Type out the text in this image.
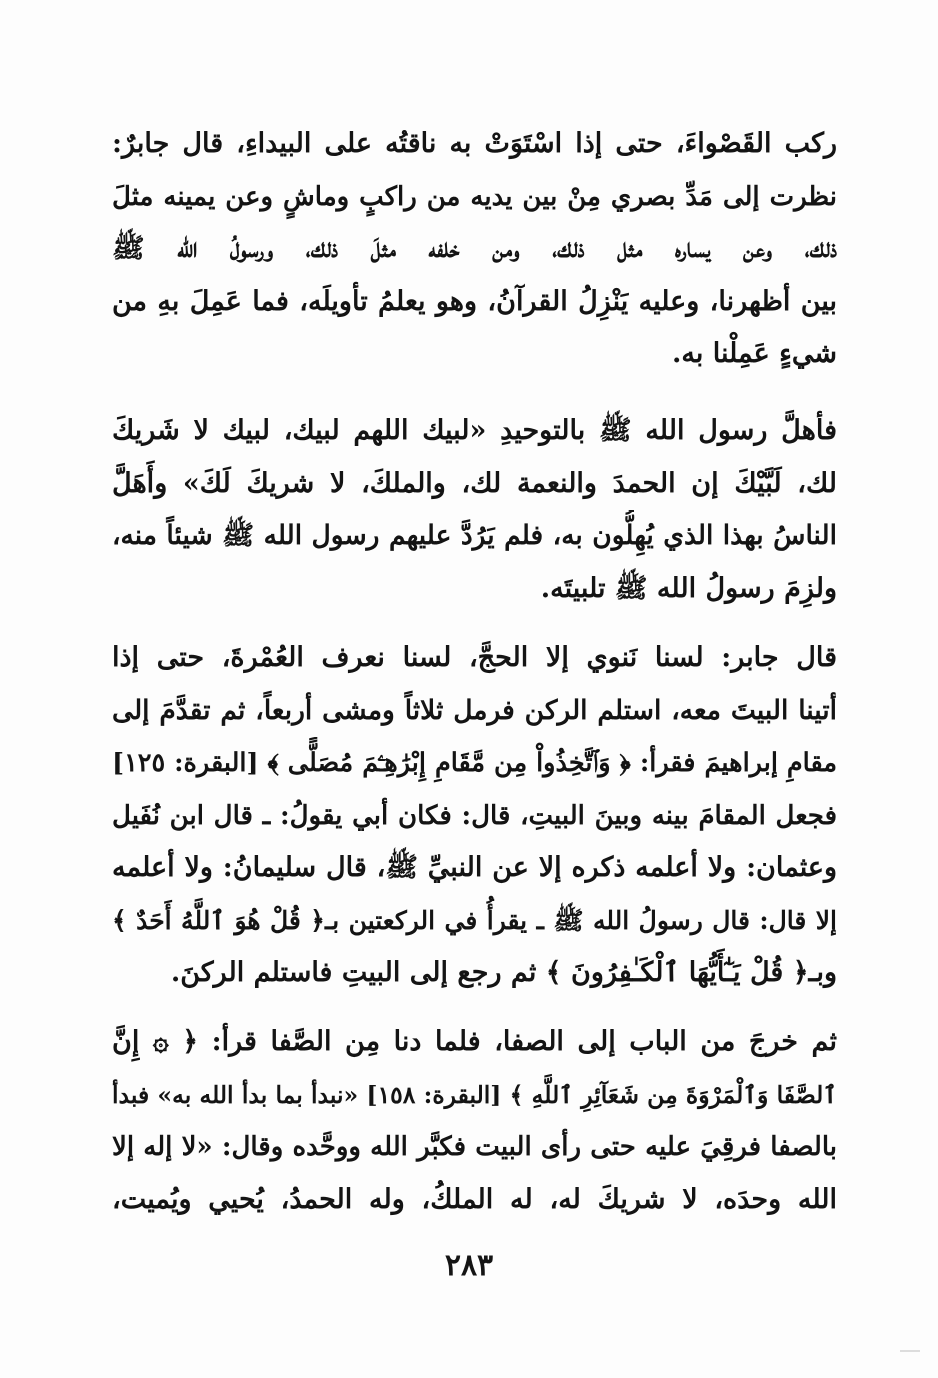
ركب القَصْواءَ، حتى إذا اسْتَوَتْ به ناقتُه على البيداءِ، قال جابرٌ:
نظرت إلى مَدِّ بصري مِنْ بين يديه من راكبٍ وماشٍ وعن يمينه مثلَ
ذلك، وعن يساره مثل ذلك، ومن خلفه مثلَ ذلك، ورسولُ الله ﷺ
بين أظهرنا، وعليه يَنْزِلُ القرآنُ، وهو يعلمُ تأويلَه، فما عَمِلَ بهِ من
شيءٍ عَمِلْنا به.

فأهلَّ رسول الله ﷺ بالتوحيدِ «لبيك اللهم لبيك، لبيك لا شَريكَ
لك، لَبَّيْكَ إن الحمدَ والنعمة لك، والملكَ، لا شريكَ لَكَ» وأَهَلَّ
الناسُ بهذا الذي يُهِلُّون به، فلم يَرُدَّ عليهم رسول الله ﷺ شيئاً منه،
ولزِمَ رسولُ الله ﷺ تلبيتَه.

قال جابر: لسنا نَنوي إلا الحجَّ، لسنا نعرف العُمْرةَ، حتى إذا
أتينا البيتَ معه، استلم الركن فرمل ثلاثاً ومشى أربعاً، ثم تقدَّمَ إلى
مقامِ إبراهيمَ فقرأ: ﴿ وَٱتَّخِذُواْ مِن مَّقَامِ إِبْرَٰهِـۧمَ مُصَلًّى ﴾ [البقرة: ١٢٥]
فجعل المقامَ بينه وبينَ البيتِ، قال: فكان أبي يقولُ: ـ قال ابن نُفَيل
وعثمان: ولا أعلمه ذكره إلا عن النبيِّ ﷺ، قال سليمانُ: ولا أعلمه
إلا قال: قال رسولُ الله ﷺ ـ يقرأُ في الركعتين بـ﴿ قُلْ هُوَ ٱللَّهُ أَحَدٌ ﴾
وبـ﴿ قُلْ يَـٰٓأَيُّهَا ٱلْكَـٰفِرُونَ ﴾ ثم رجع إلى البيتِ فاستلم الركنَ.

ثم خرجَ من الباب إلى الصفا، فلما دنا مِن الصَّفا قرأ: ﴿ ۞ إِنَّ
ٱلصَّفَا وَٱلْمَرْوَةَ مِن شَعَآئِرِ ٱللَّهِ ﴾ [البقرة: ١٥٨] «نبدأ بما بدأ الله به» فبدأ
بالصفا فرقِيَ عليه حتى رأى البيت فكبَّر الله ووحَّده وقال: «لا إله إلا
الله وحدَه، لا شريكَ له، له الملكُ، وله الحمدُ، يُحيي ويُميت،

٢٨٣
